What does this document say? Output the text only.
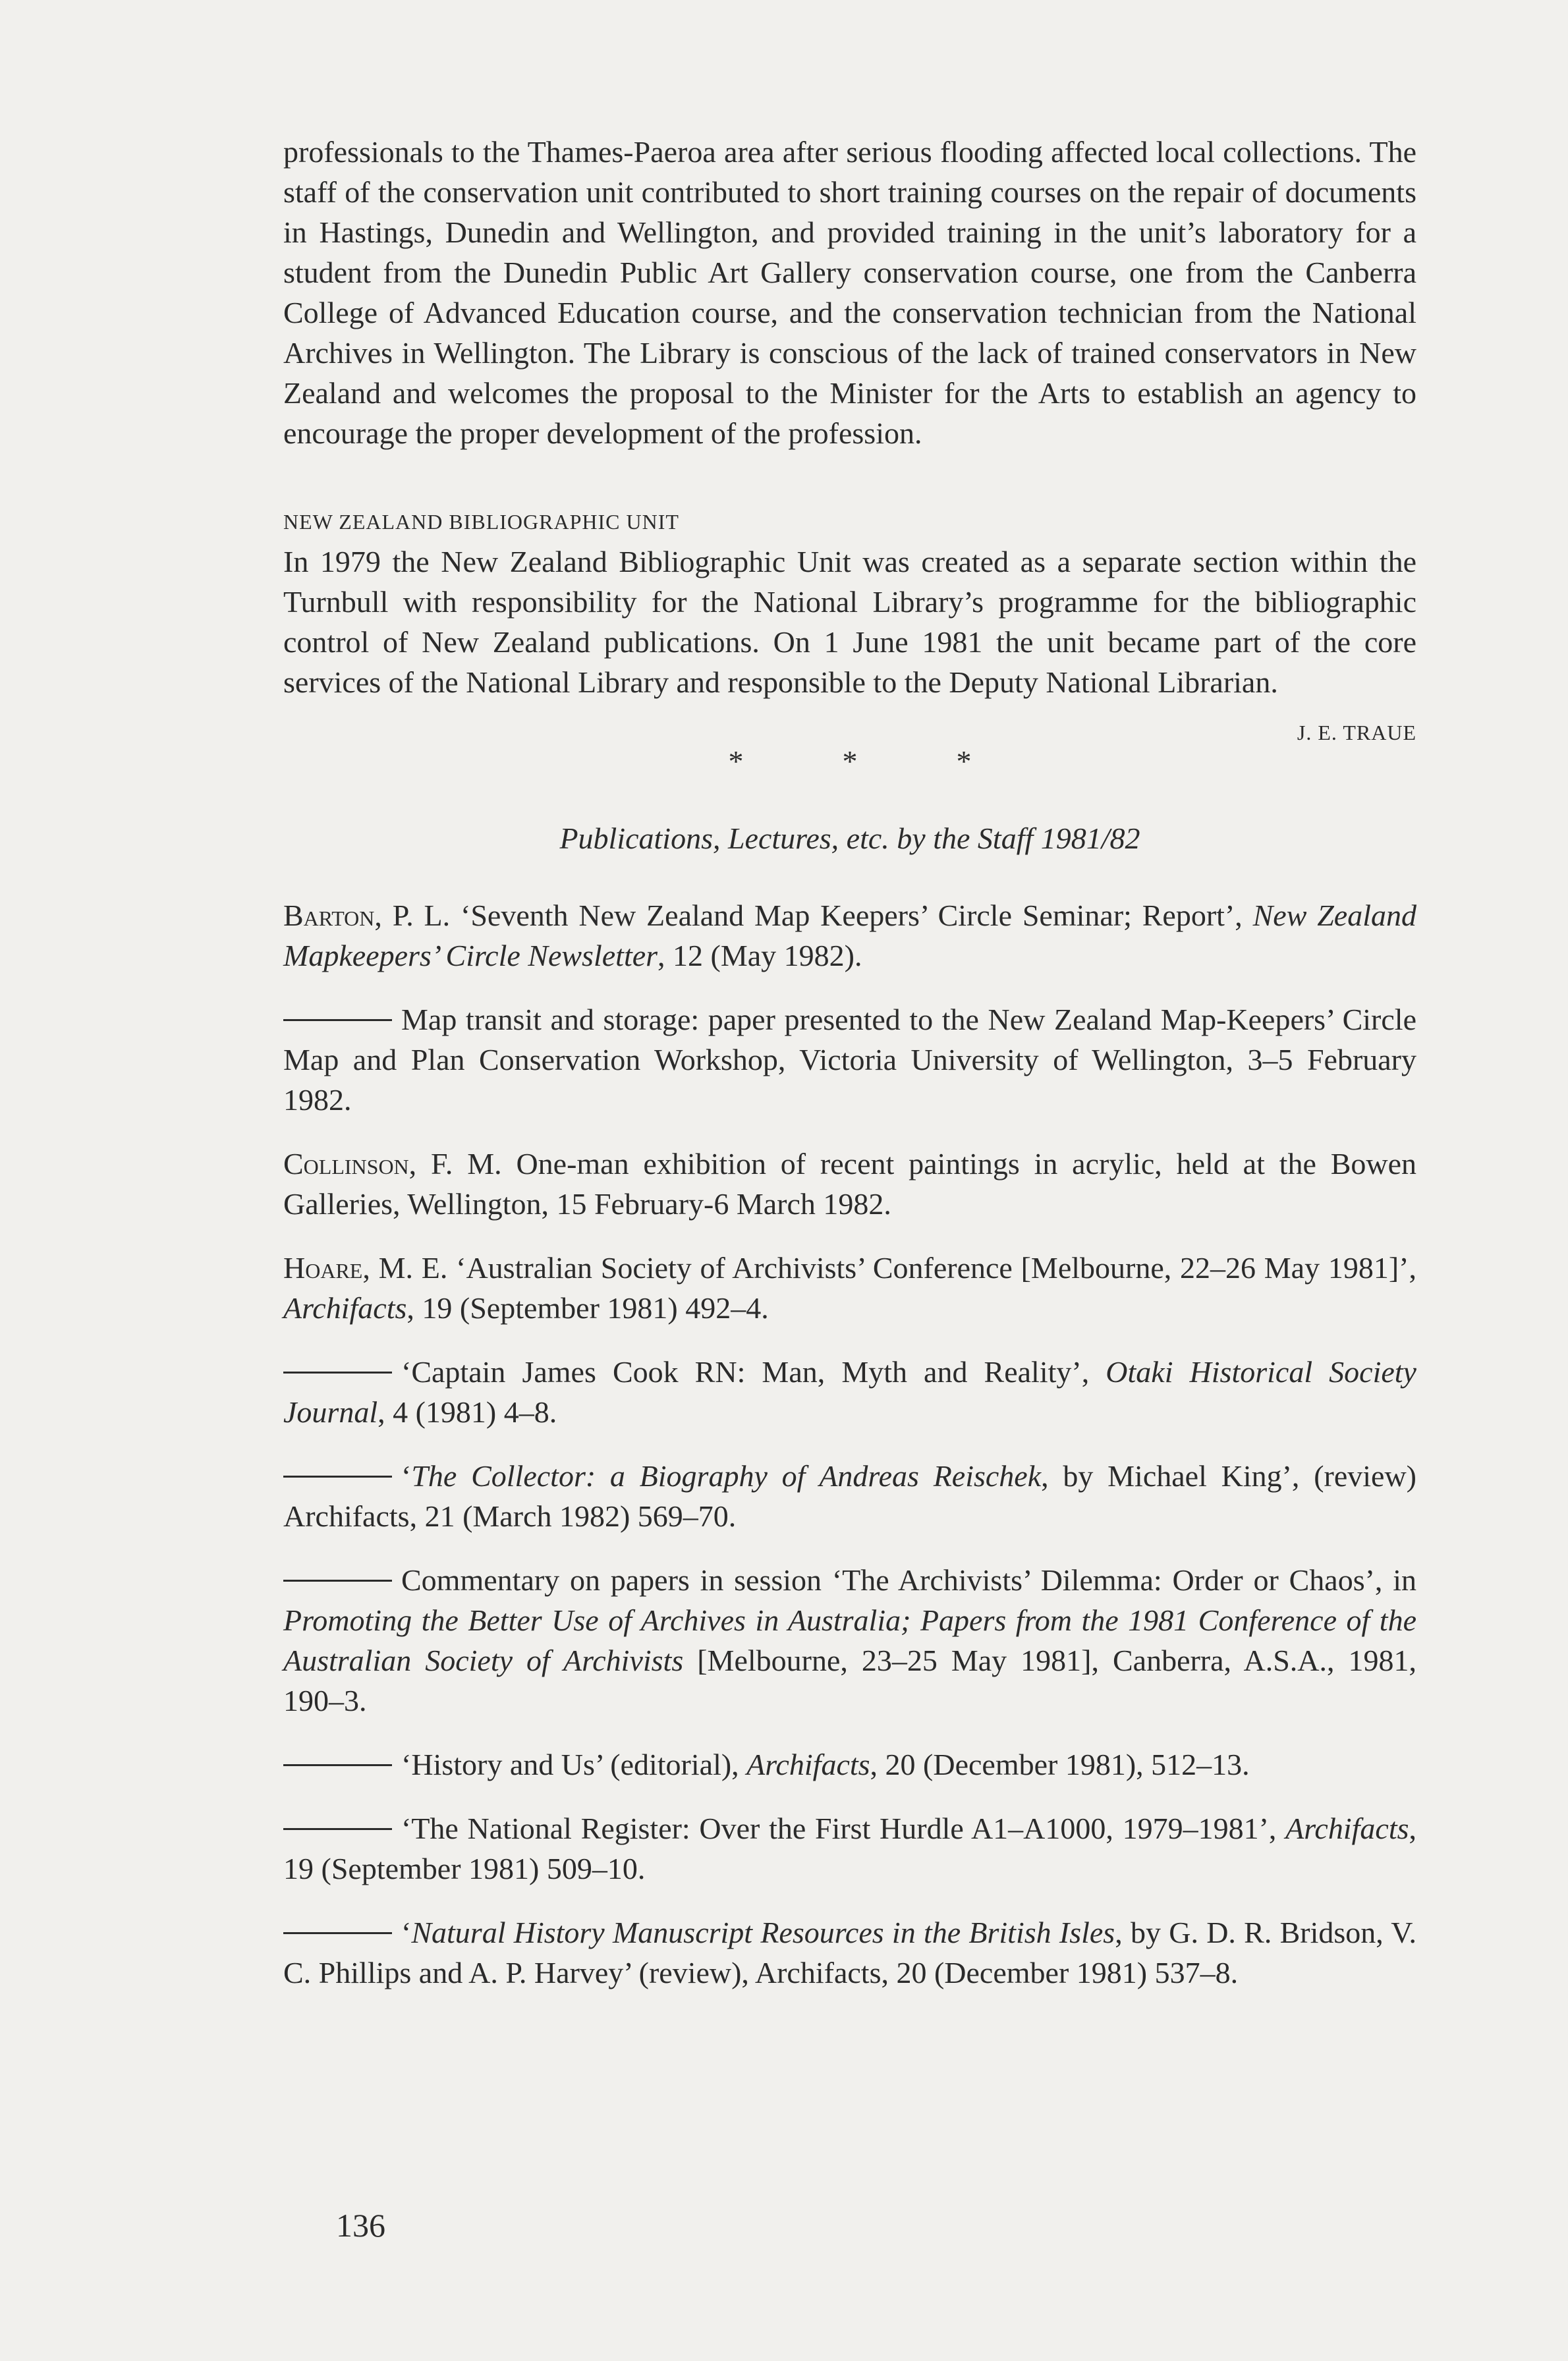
professionals to the Thames-Paeroa area after serious flooding affected local collections. The staff of the conservation unit contributed to short training courses on the repair of documents in Hastings, Dunedin and Wellington, and provided training in the unit’s laboratory for a student from the Dunedin Public Art Gallery conservation course, one from the Canberra College of Advanced Education course, and the conservation technician from the National Archives in Wellington. The Library is conscious of the lack of trained conservators in New Zealand and welcomes the proposal to the Minister for the Arts to establish an agency to encourage the proper development of the profession.

NEW ZEALAND BIBLIOGRAPHIC UNIT

In 1979 the New Zealand Bibliographic Unit was created as a separate section within the Turnbull with responsibility for the National Library’s programme for the bibliographic control of New Zealand publications. On 1 June 1981 the unit became part of the core services of the National Library and responsible to the Deputy National Librarian.

J. E. TRAUE
*	*	*
Publications, Lectures, etc. by the Staff 1981/82

Barton, P. L. ‘Seventh New Zealand Map Keepers’ Circle Seminar; Report’, New Zealand Mapkeepers’ Circle Newsletter, 12 (May 1982).

Map transit and storage: paper presented to the New Zealand Map-Keepers’ Circle Map and Plan Conservation Workshop, Victoria University of Wellington, 3–5 February 1982.

Collinson, F. M. One-man exhibition of recent paintings in acrylic, held at the Bowen Galleries, Wellington, 15 February-6 March 1982.

Hoare, M. E. ‘Australian Society of Archivists’ Conference [Melbourne, 22–26 May 1981]’, Archifacts, 19 (September 1981) 492–4.

‘Captain James Cook RN: Man, Myth and Reality’, Otaki Historical Society Journal, 4 (1981) 4–8.

‘The Collector: a Biography of Andreas Reischek, by Michael King’, (review) Archifacts, 21 (March 1982) 569–70.

Commentary on papers in session ‘The Archivists’ Dilemma: Order or Chaos’, in Promoting the Better Use of Archives in Australia; Papers from the 1981 Conference of the Australian Society of Archivists [Melbourne, 23–25 May 1981], Canberra, A.S.A., 1981, 190–3.

‘History and Us’ (editorial), Archifacts, 20 (December 1981), 512–13.

‘The National Register: Over the First Hurdle A1–A1000, 1979–1981’, Archifacts, 19 (September 1981) 509–10.

‘Natural History Manuscript Resources in the British Isles, by G. D. R. Bridson, V. C. Phillips and A. P. Harvey’ (review), Archifacts, 20 (December 1981) 537–8.

136
